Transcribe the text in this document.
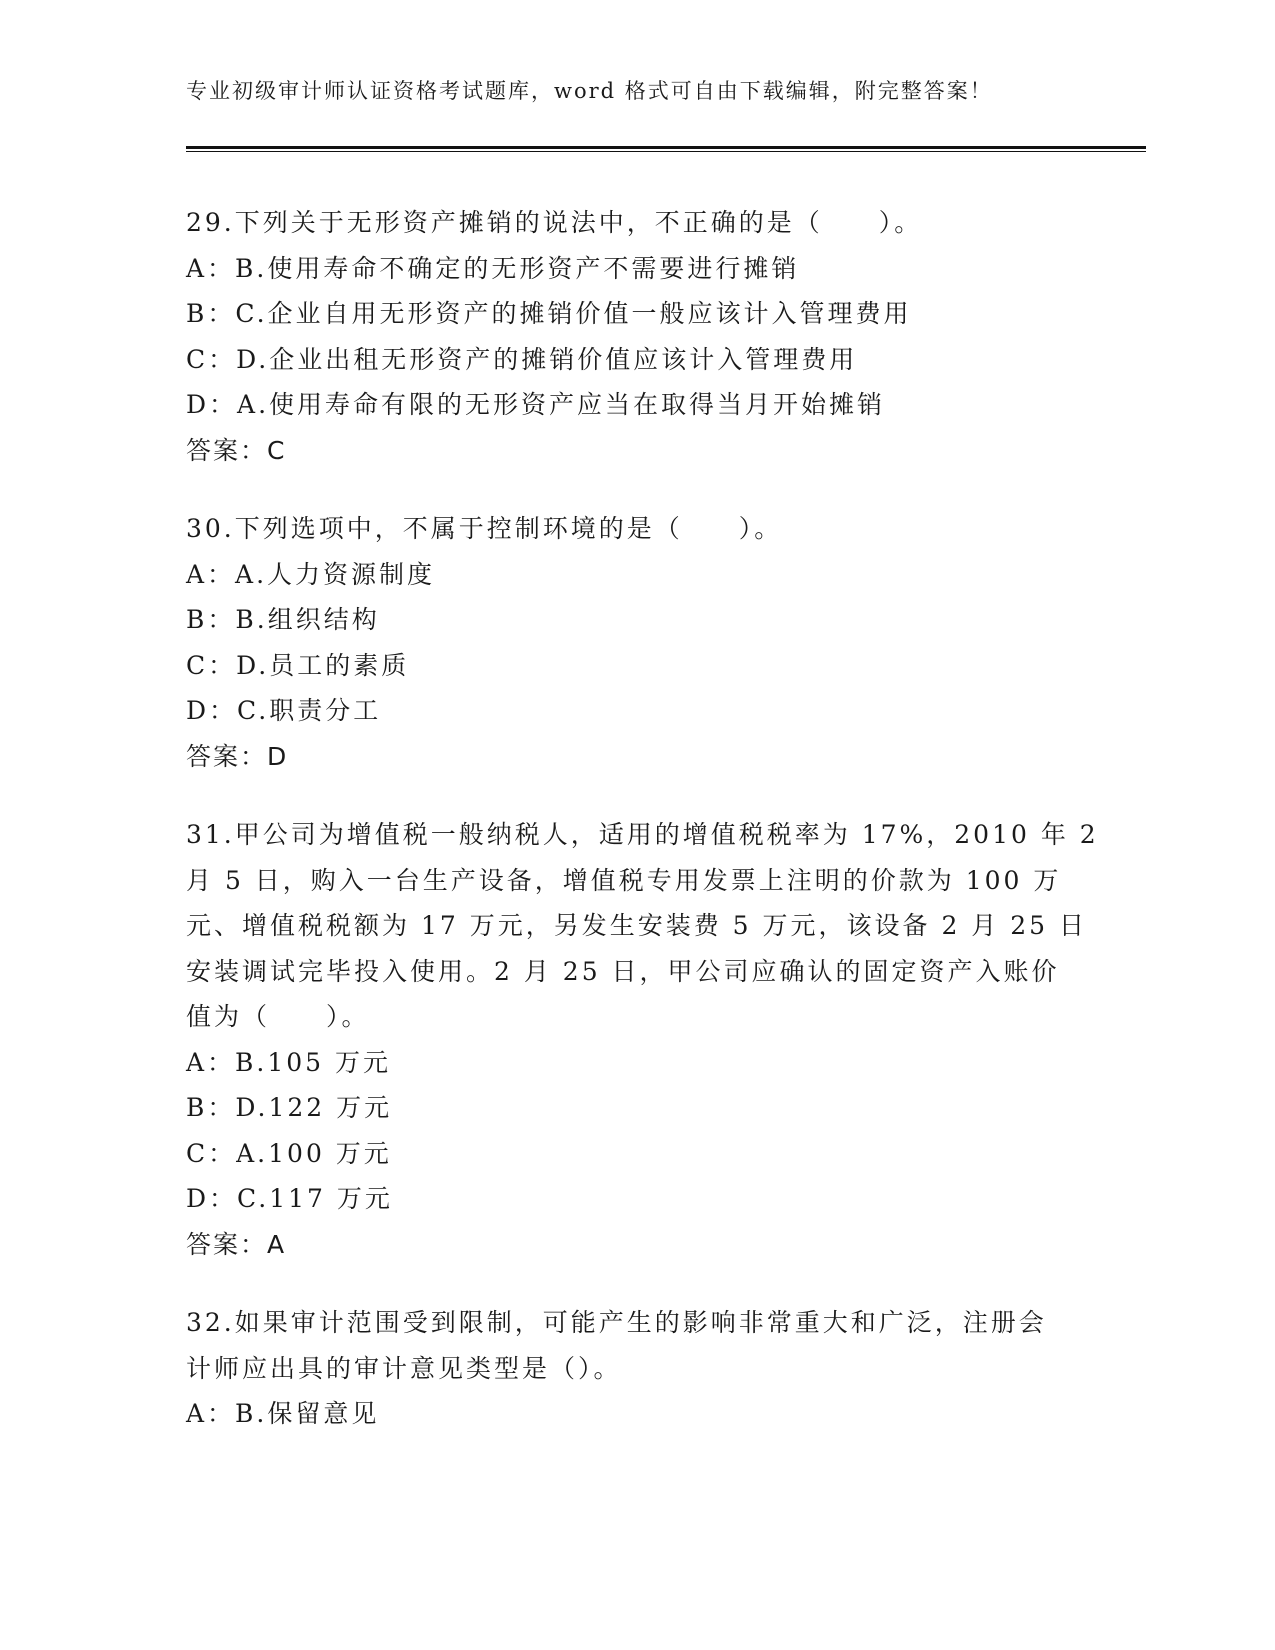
专业初级审计师认证资格考试题库，word 格式可自由下载编辑，附完整答案！
29.下列关于无形资产摊销的说法中，不正确的是（　　）。
A：B.使用寿命不确定的无形资产不需要进行摊销
B：C.企业自用无形资产的摊销价值一般应该计入管理费用
C：D.企业出租无形资产的摊销价值应该计入管理费用
D：A.使用寿命有限的无形资产应当在取得当月开始摊销
答案：C
30.下列选项中，不属于控制环境的是（　　）。
A：A.人力资源制度
B：B.组织结构
C：D.员工的素质
D：C.职责分工
答案：D
31.甲公司为增值税一般纳税人，适用的增值税税率为 17%，2010 年 2
月 5 日，购入一台生产设备，增值税专用发票上注明的价款为 100 万
元、增值税税额为 17 万元，另发生安装费 5 万元，该设备 2 月 25 日
安装调试完毕投入使用。2 月 25 日，甲公司应确认的固定资产入账价
值为（　　）。
A：B.105 万元
B：D.122 万元
C：A.100 万元
D：C.117 万元
答案：A
32.如果审计范围受到限制，可能产生的影响非常重大和广泛，注册会
计师应出具的审计意见类型是（）。
A：B.保留意见
